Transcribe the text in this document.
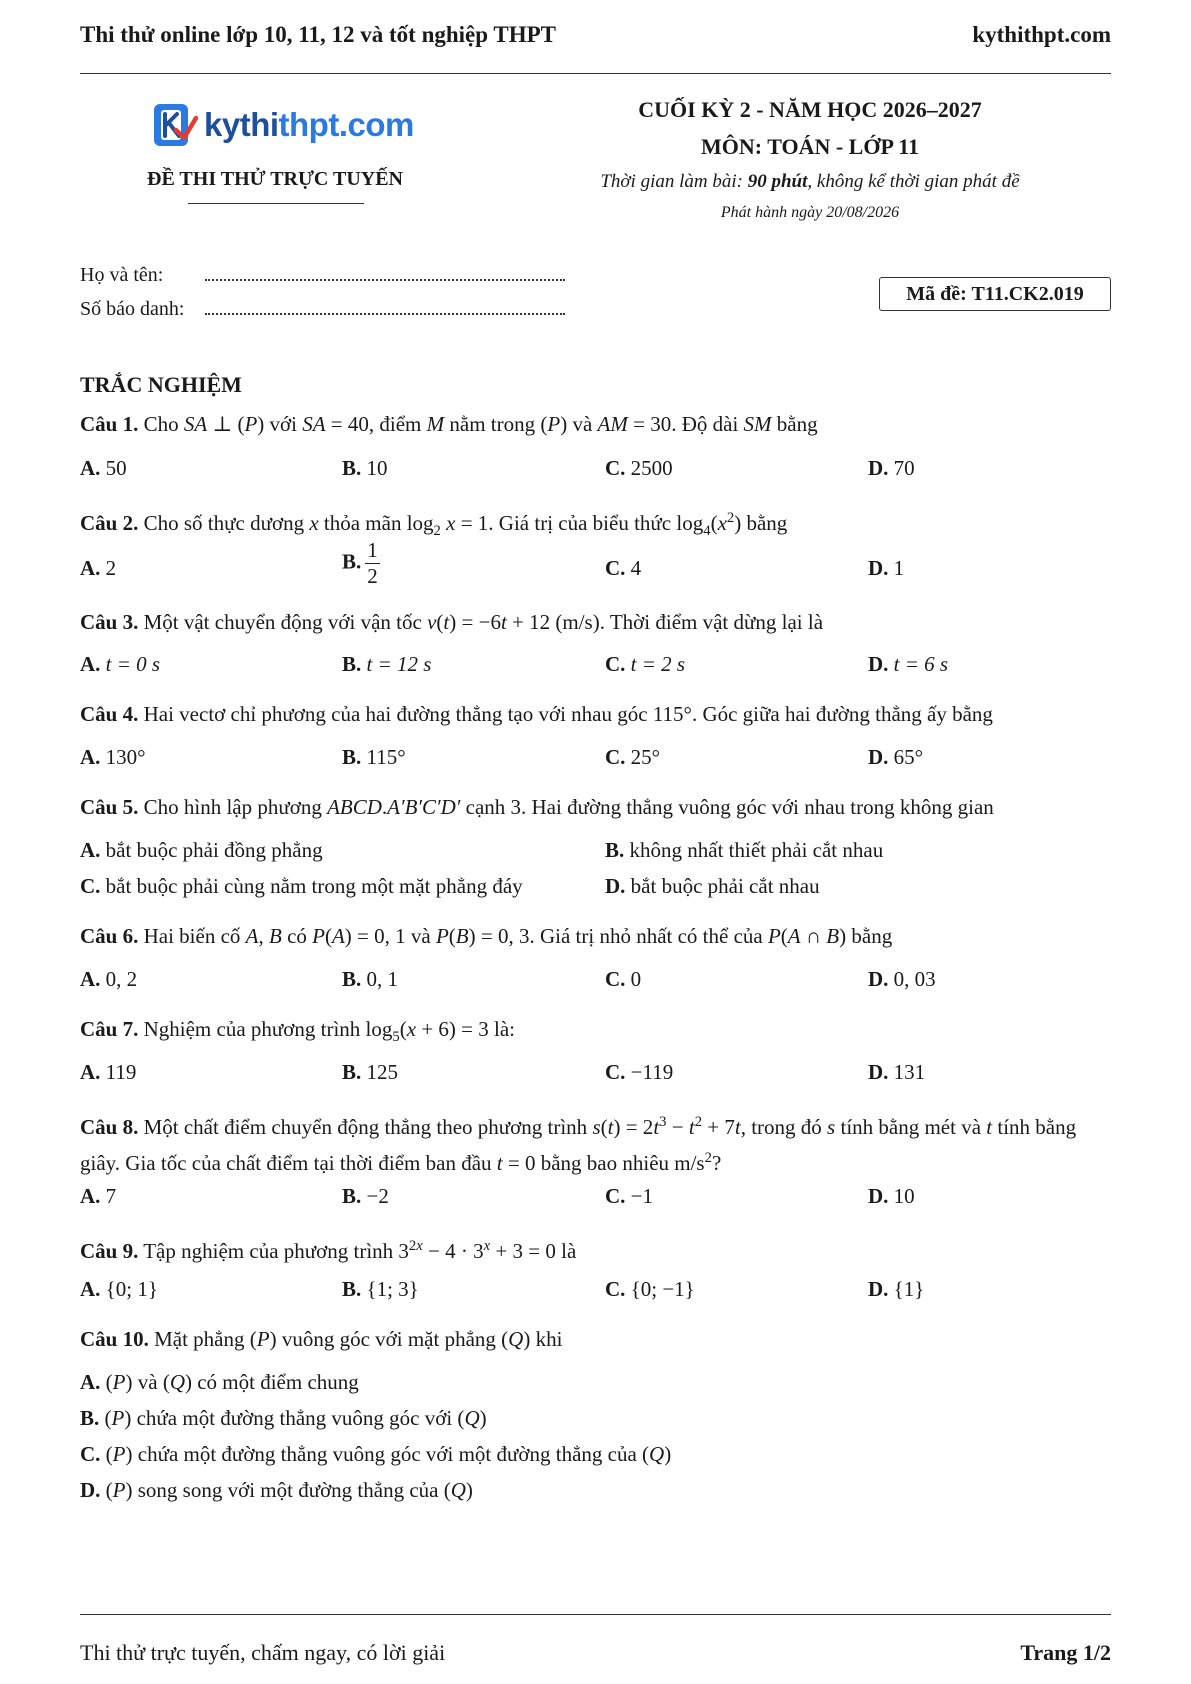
Thi thử online lớp 10, 11, 12 và tốt nghiệp THPT	kythithpt.com
kythithpt.com
ĐỀ THI THỬ TRỰC TUYẾN
CUỐI KỲ 2 - NĂM HỌC 2026–2027
MÔN: TOÁN - LỚP 11
Thời gian làm bài: 90 phút, không kể thời gian phát đề
Phát hành ngày 20/08/2026
Họ và tên:
Số báo danh:
Mã đề: T11.CK2.019
TRẮC NGHIỆM
Câu 1. Cho SA ⊥ (P) với SA = 40, điểm M nằm trong (P) và AM = 30. Độ dài SM bằng
A. 50	B. 10	C. 2500	D. 70
Câu 2. Cho số thực dương x thỏa mãn $\log_2 x = 1$. Giá trị của biểu thức $\log_4(x^2)$ bằng
A. 2	B. $\frac{1}{2}$	C. 4	D. 1
Câu 3. Một vật chuyển động với vận tốc v(t) = −6t + 12 (m/s). Thời điểm vật dừng lại là
A. t = 0 s	B. t = 12 s	C. t = 2 s	D. t = 6 s
Câu 4. Hai vectơ chỉ phương của hai đường thẳng tạo với nhau góc 115°. Góc giữa hai đường thẳng ấy bằng
A. 130°	B. 115°	C. 25°	D. 65°
Câu 5. Cho hình lập phương ABCD.A′B′C′D′ cạnh 3. Hai đường thẳng vuông góc với nhau trong không gian
A. bắt buộc phải đồng phẳng	B. không nhất thiết phải cắt nhau
C. bắt buộc phải cùng nằm trong một mặt phẳng đáy	D. bắt buộc phải cắt nhau
Câu 6. Hai biến cố A, B có P(A) = 0, 1 và P(B) = 0, 3. Giá trị nhỏ nhất có thể của P(A ∩ B) bằng
A. 0, 2	B. 0, 1	C. 0	D. 0, 03
Câu 7. Nghiệm của phương trình $\log_5(x + 6) = 3$ là:
A. 119	B. 125	C. −119	D. 131
Câu 8. Một chất điểm chuyển động thẳng theo phương trình $s(t) = 2t^3 - t^2 + 7t$, trong đó s tính bằng mét và t tính bằng giây. Gia tốc của chất điểm tại thời điểm ban đầu t = 0 bằng bao nhiêu $m/s^2$?
A. 7	B. −2	C. −1	D. 10
Câu 9. Tập nghiệm của phương trình $3^{2x} - 4 \cdot 3^x + 3 = 0$ là
A. {0; 1}	B. {1; 3}	C. {0; −1}	D. {1}
Câu 10. Mặt phẳng (P) vuông góc với mặt phẳng (Q) khi
A. (P) và (Q) có một điểm chung
B. (P) chứa một đường thẳng vuông góc với (Q)
C. (P) chứa một đường thẳng vuông góc với một đường thẳng của (Q)
D. (P) song song với một đường thẳng của (Q)
Thi thử trực tuyến, chấm ngay, có lời giải	Trang 1/2
